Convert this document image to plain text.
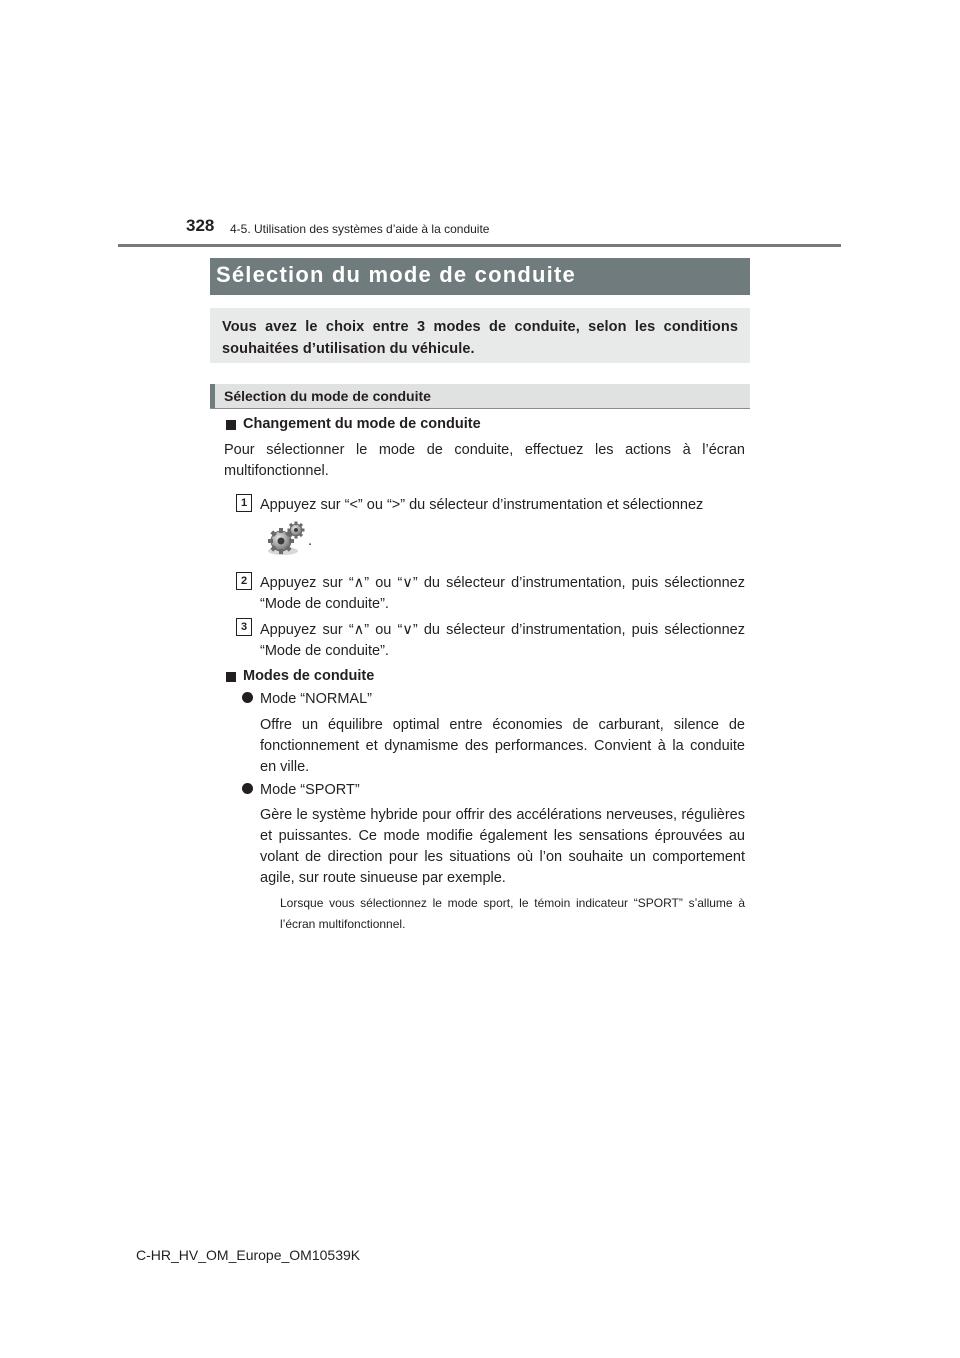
328 4-5. Utilisation des systèmes d’aide à la conduite
Sélection du mode de conduite
Vous avez le choix entre 3 modes de conduite, selon les conditions souhaitées d’utilisation du véhicule.
Sélection du mode de conduite
Changement du mode de conduite
Pour sélectionner le mode de conduite, effectuez les actions à l’écran multifonctionnel.
1 Appuyez sur “<” ou “>” du sélecteur d’instrumentation et sélectionnez
.
2 Appuyez sur “∧” ou “∨” du sélecteur d’instrumentation, puis sélectionnez “Mode de conduite”.
3 Appuyez sur “∧” ou “∨” du sélecteur d’instrumentation, puis sélectionnez “Mode de conduite”.
Modes de conduite
Mode “NORMAL”
Offre un équilibre optimal entre économies de carburant, silence de fonctionnement et dynamisme des performances. Convient à la conduite en ville.
Mode “SPORT”
Gère le système hybride pour offrir des accélérations nerveuses, régulières et puissantes. Ce mode modifie également les sensations éprouvées au volant de direction pour les situations où l’on souhaite un comportement agile, sur route sinueuse par exemple.
Lorsque vous sélectionnez le mode sport, le témoin indicateur “SPORT” s’allume à l’écran multifonctionnel.
C-HR_HV_OM_Europe_OM10539K
